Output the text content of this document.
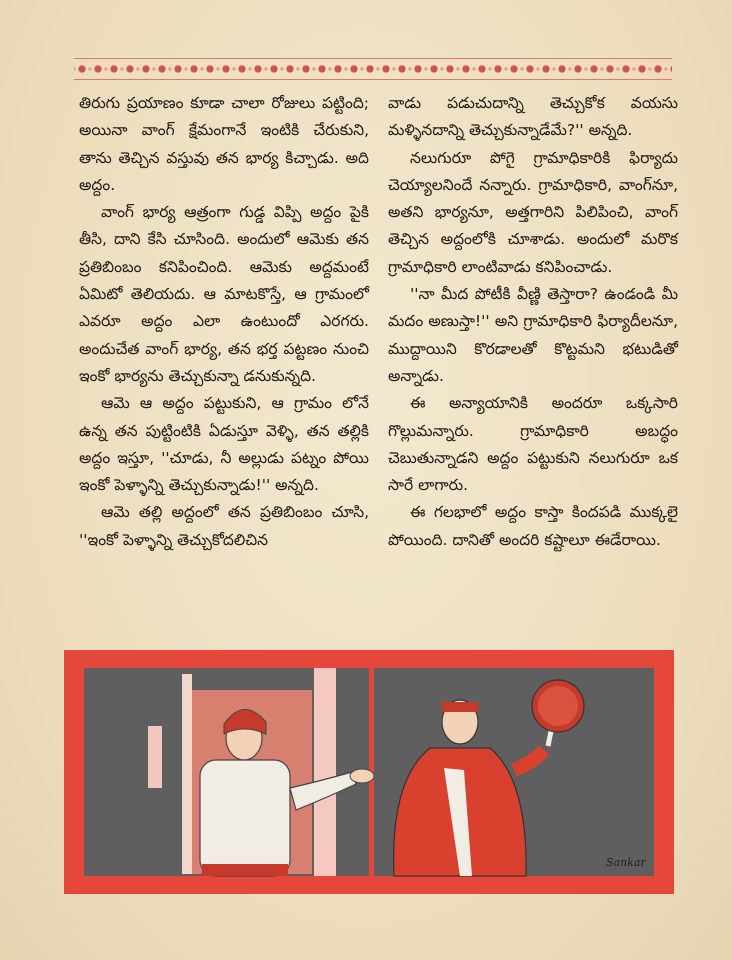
తిరుగు ప్రయాణం కూడా చాలా రోజులు పట్టింది; అయినా వాంగ్ క్షేమంగానే ఇంటికి చేరుకుని, తాను తెచ్చిన వస్తువు తన భార్య కిచ్చాడు. అది అద్దం.

వాంగ్ భార్య ఆత్రంగా గుడ్డ విప్పి అద్దం పైకి తీసి, దాని కేసి చూసింది. అందులో ఆమెకు తన ప్రతిబింబం కనిపించింది. ఆమెకు అద్దమంటే ఏమిటో తెలియదు. ఆ మాటకొస్తే, ఆ గ్రామంలో ఎవరూ అద్దం ఎలా ఉంటుందో ఎరగరు. అందుచేత వాంగ్ భార్య, తన భర్త పట్టణం నుంచి ఇంకో భార్యను తెచ్చుకున్నా డనుకున్నది.

ఆమె ఆ అద్దం పట్టుకుని, ఆ గ్రామం లోనే ఉన్న తన పుట్టింటికి ఏడుస్తూ వెళ్ళి, తన తల్లికి అద్దం ఇస్తూ, ''చూడు, నీ అల్లుడు పట్నం పోయి ఇంకో పెళ్ళాన్ని తెచ్చుకున్నాడు!'' అన్నది.

ఆమె తల్లి అద్దంలో తన ప్రతిబింబం చూసి, ''ఇంకో పెళ్ళాన్ని తెచ్చుకోదలిచిన

వాడు పడుచుదాన్ని తెచ్చుకోక వయసు మళ్ళినదాన్ని తెచ్చుకున్నాడేమే?'' అన్నది.

నలుగురూ పోగై గ్రామాధికారికి ఫిర్యాదు చెయ్యాలనిందే నన్నారు. గ్రామాధికారి, వాంగ్‌నూ, అతని భార్యనూ, అత్తగారిని పిలిపించి, వాంగ్ తెచ్చిన అద్దంలోకి చూశాడు. అందులో మరొక గ్రామాధికారి లాంటివాడు కనిపించాడు.

''నా మీద పోటీకి వీణ్ణి తెస్తారా? ఉండండి మీ మదం అణుస్తా!'' అని గ్రామాధికారి ఫిర్యాదీలనూ, ముద్దాయిని కొరడాలతో కొట్టమని భటుడితో అన్నాడు.

ఈ అన్యాయానికి అందరూ ఒక్కసారి గొల్లుమన్నారు. గ్రామాధికారి అబద్ధం చెబుతున్నాడని అద్దం పట్టుకుని నలుగురూ ఒక సారే లాగారు.

ఈ గలభాలో అద్దం కాస్తా కిందపడి ముక్కలై పోయింది. దానితో అందరి కష్టాలూ ఈడేరాయి.

Sankar
